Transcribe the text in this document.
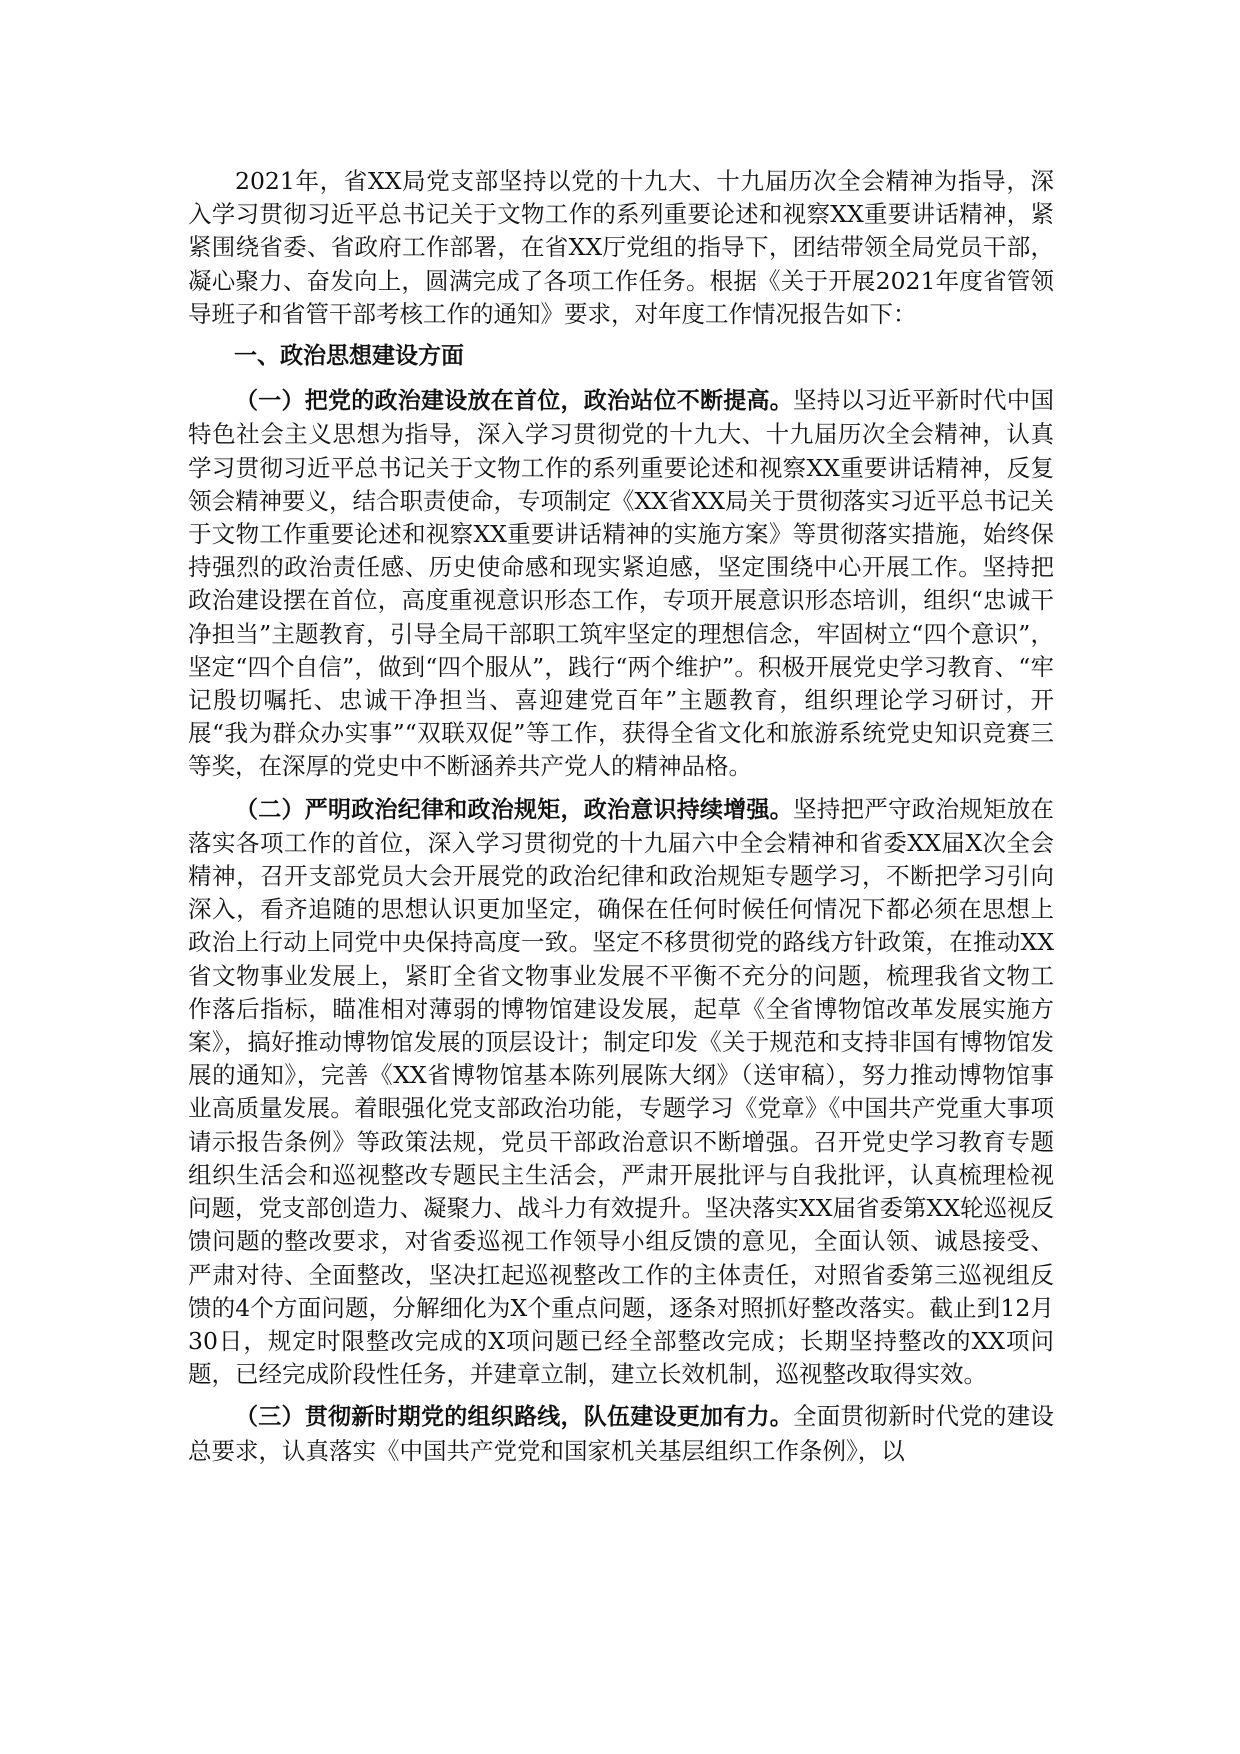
2021年，省XX局党支部坚持以党的十九大、十九届历次全会精神为指导，深入学习贯彻习近平总书记关于文物工作的系列重要论述和视察XX重要讲话精神，紧紧围绕省委、省政府工作部署，在省XX厅党组的指导下，团结带领全局党员干部，凝心聚力、奋发向上，圆满完成了各项工作任务。根据《关于开展2021年度省管领导班子和省管干部考核工作的通知》要求，对年度工作情况报告如下：

一、政治思想建设方面

（一）把党的政治建设放在首位，政治站位不断提高。坚持以习近平新时代中国特色社会主义思想为指导，深入学习贯彻党的十九大、十九届历次全会精神，认真学习贯彻习近平总书记关于文物工作的系列重要论述和视察XX重要讲话精神，反复领会精神要义，结合职责使命，专项制定《XX省XX局关于贯彻落实习近平总书记关于文物工作重要论述和视察XX重要讲话精神的实施方案》等贯彻落实措施，始终保持强烈的政治责任感、历史使命感和现实紧迫感，坚定围绕中心开展工作。坚持把政治建设摆在首位，高度重视意识形态工作，专项开展意识形态培训，组织“忠诚干净担当”主题教育，引导全局干部职工筑牢坚定的理想信念，牢固树立“四个意识”，坚定“四个自信”，做到“四个服从”，践行“两个维护”。积极开展党史学习教育、“牢记殷切嘱托、忠诚干净担当、喜迎建党百年”主题教育，组织理论学习研讨，开展“我为群众办实事”“双联双促”等工作，获得全省文化和旅游系统党史知识竞赛三等奖，在深厚的党史中不断涵养共产党人的精神品格。

（二）严明政治纪律和政治规矩，政治意识持续增强。坚持把严守政治规矩放在落实各项工作的首位，深入学习贯彻党的十九届六中全会精神和省委XX届X次全会精神，召开支部党员大会开展党的政治纪律和政治规矩专题学习，不断把学习引向深入，看齐追随的思想认识更加坚定，确保在任何时候任何情况下都必须在思想上政治上行动上同党中央保持高度一致。坚定不移贯彻党的路线方针政策，在推动XX省文物事业发展上，紧盯全省文物事业发展不平衡不充分的问题，梳理我省文物工作落后指标，瞄准相对薄弱的博物馆建设发展，起草《全省博物馆改革发展实施方案》，搞好推动博物馆发展的顶层设计；制定印发《关于规范和支持非国有博物馆发展的通知》，完善《XX省博物馆基本陈列展陈大纲》（送审稿），努力推动博物馆事业高质量发展。着眼强化党支部政治功能，专题学习《党章》《中国共产党重大事项请示报告条例》等政策法规，党员干部政治意识不断增强。召开党史学习教育专题组织生活会和巡视整改专题民主生活会，严肃开展批评与自我批评，认真梳理检视问题，党支部创造力、凝聚力、战斗力有效提升。坚决落实XX届省委第XX轮巡视反馈问题的整改要求，对省委巡视工作领导小组反馈的意见，全面认领、诚恳接受、严肃对待、全面整改，坚决扛起巡视整改工作的主体责任，对照省委第三巡视组反馈的4个方面问题，分解细化为X个重点问题，逐条对照抓好整改落实。截止到12月30日，规定时限整改完成的X项问题已经全部整改完成；长期坚持整改的XX项问题，已经完成阶段性任务，并建章立制，建立长效机制，巡视整改取得实效。

（三）贯彻新时期党的组织路线，队伍建设更加有力。全面贯彻新时代党的建设总要求，认真落实《中国共产党党和国家机关基层组织工作条例》，以
